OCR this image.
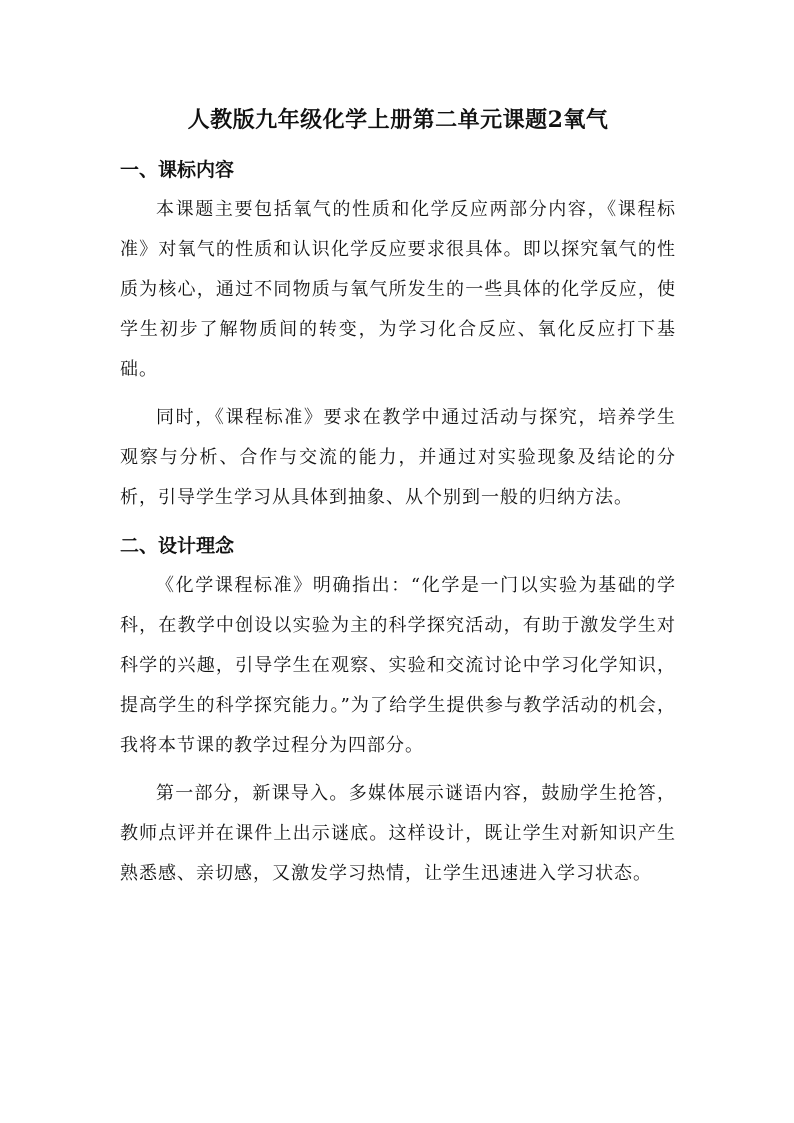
人教版九年级化学上册第二单元课题2氧气
一、课标内容

本课题主要包括氧气的性质和化学反应两部分内容，《课程标准》对氧气的性质和认识化学反应要求很具体。即以探究氧气的性质为核心，通过不同物质与氧气所发生的一些具体的化学反应，使学生初步了解物质间的转变，为学习化合反应、氧化反应打下基础。

同时，《课程标准》要求在教学中通过活动与探究，培养学生观察与分析、合作与交流的能力，并通过对实验现象及结论的分析，引导学生学习从具体到抽象、从个别到一般的归纳方法。

二、设计理念

《化学课程标准》明确指出：“化学是一门以实验为基础的学科，在教学中创设以实验为主的科学探究活动，有助于激发学生对科学的兴趣，引导学生在观察、实验和交流讨论中学习化学知识，提高学生的科学探究能力。”为了给学生提供参与教学活动的机会，我将本节课的教学过程分为四部分。

第一部分，新课导入。多媒体展示谜语内容，鼓励学生抢答，教师点评并在课件上出示谜底。这样设计，既让学生对新知识产生熟悉感、亲切感，又激发学习热情，让学生迅速进入学习状态。
